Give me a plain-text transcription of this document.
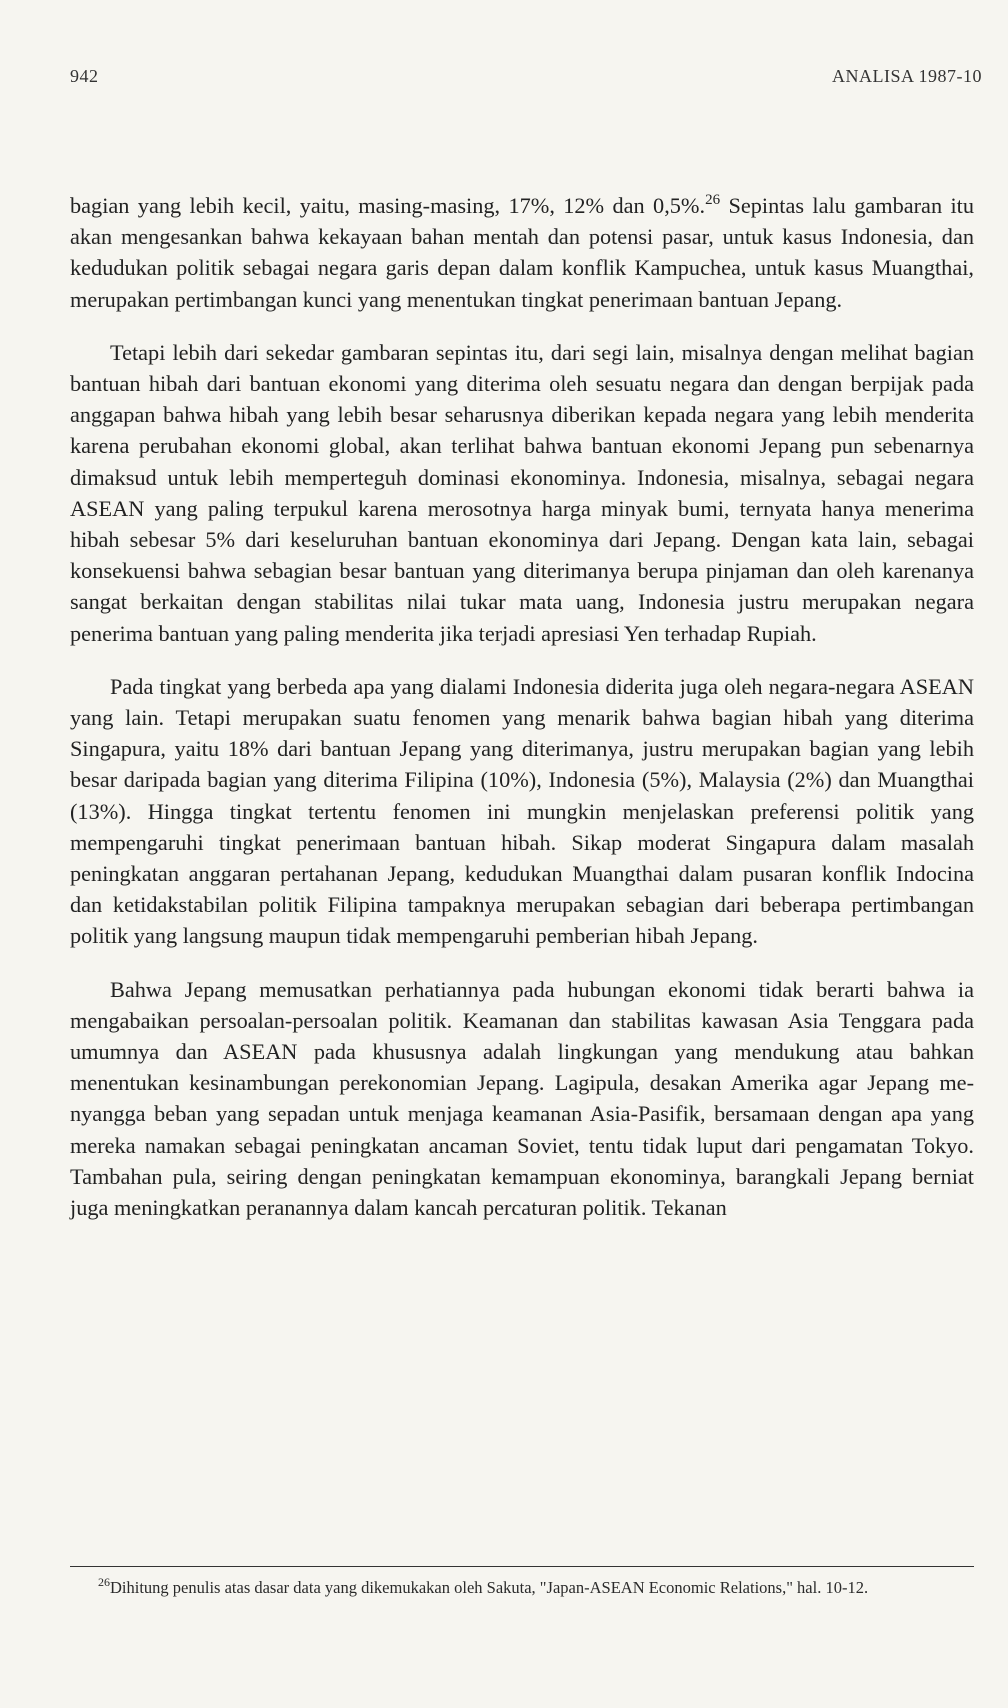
942	ANALISA 1987-10

bagian yang lebih kecil, yaitu, masing-masing, 17%, 12% dan 0,5%.$^{26}$ Sepintas lalu gambaran itu akan mengesankan bahwa kekayaan bahan mentah dan potensi pasar, untuk kasus Indonesia, dan kedudukan politik sebagai negara garis depan dalam konflik Kampuchea, untuk kasus Muangthai, merupakan pertimbangan kunci yang menentukan tingkat penerimaan bantuan Jepang.

Tetapi lebih dari sekedar gambaran sepintas itu, dari segi lain, misalnya dengan melihat bagian bantuan hibah dari bantuan ekonomi yang diterima oleh sesuatu negara dan dengan berpijak pada anggapan bahwa hibah yang lebih besar seharusnya diberikan kepada negara yang lebih menderita karena perubahan ekonomi global, akan terlihat bahwa bantuan ekonomi Jepang pun sebenarnya dimaksud untuk lebih memperteguh dominasi ekonominya. Indonesia, misalnya, sebagai negara ASEAN yang paling terpukul karena merosotnya harga minyak bumi, ternyata hanya menerima hibah sebesar 5% dari keseluruhan bantuan ekonominya dari Jepang. Dengan kata lain, sebagai konsekuensi bahwa sebagian besar bantuan yang diterimanya berupa pinjaman dan oleh karenanya sangat berkaitan dengan stabilitas nilai tukar mata uang, Indonesia justru merupakan negara penerima bantuan yang paling menderita jika terjadi apresiasi Yen terhadap Rupiah.

Pada tingkat yang berbeda apa yang dialami Indonesia diderita juga oleh negara-negara ASEAN yang lain. Tetapi merupakan suatu fenomen yang menarik bahwa bagian hibah yang diterima Singapura, yaitu 18% dari bantuan Jepang yang diterimanya, justru merupakan bagian yang lebih besar daripada bagian yang diterima Filipina (10%), Indonesia (5%), Malaysia (2%) dan Muangthai (13%). Hingga tingkat tertentu fenomen ini mungkin menjelaskan preferensi politik yang mempengaruhi tingkat penerimaan bantuan hibah. Sikap moderat Singapura dalam masalah peningkatan anggaran pertahanan Jepang, kedudukan Muangthai dalam pusaran konflik Indocina dan ketidakstabilan politik Filipina tampaknya merupakan sebagian dari beberapa pertimbangan politik yang langsung maupun tidak mempengaruhi pemberian hibah Jepang.

Bahwa Jepang memusatkan perhatiannya pada hubungan ekonomi tidak berarti bahwa ia mengabaikan persoalan-persoalan politik. Keamanan dan stabilitas kawasan Asia Tenggara pada umumnya dan ASEAN pada khususnya adalah lingkungan yang mendukung atau bahkan menentukan kesinambungan perekonomian Jepang. Lagipula, desakan Amerika agar Jepang menyangga beban yang sepadan untuk menjaga keamanan Asia-Pasifik, bersamaan dengan apa yang mereka namakan sebagai peningkatan ancaman Soviet, tentu tidak luput dari pengamatan Tokyo. Tambahan pula, seiring dengan peningkatan kemampuan ekonominya, barangkali Jepang berniat juga meningkatkan peranannya dalam kancah percaturan politik. Tekanan

$^{26}$Dihitung penulis atas dasar data yang dikemukakan oleh Sakuta, "Japan-ASEAN Economic Relations," hal. 10-12.
